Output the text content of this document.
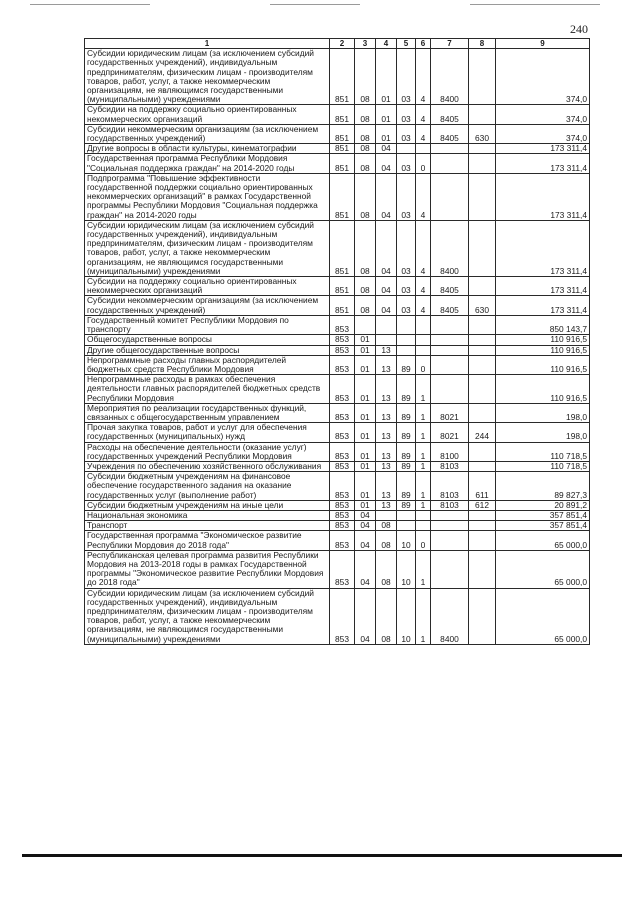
240
1	2	3	4	5	6	7	8	9
Субсидии юридическим лицам (за исключением субсидий государственных учреждений), индивидуальным предпринимателям, физическим лицам - производителям товаров, работ, услуг, а также некоммерческим организациям, не являющимся государственными (муниципальными) учреждениями	851	08	01	03	4	8400		374,0
Субсидии на поддержку социально ориентированных некоммерческих организаций	851	08	01	03	4	8405		374,0
Субсидии некоммерческим организациям (за исключением государственных учреждений)	851	08	01	03	4	8405	630	374,0
Другие вопросы в области культуры, кинематографии	851	08	04					173 311,4
Государственная программа Республики Мордовия "Социальная поддержка граждан" на 2014-2020 годы	851	08	04	03	0			173 311,4
Подпрограмма "Повышение эффективности государственной поддержки социально ориентированных некоммерческих организаций" в рамках Государственной программы Республики Мордовия "Социальная поддержка граждан" на 2014-2020 годы	851	08	04	03	4			173 311,4
Субсидии юридическим лицам (за исключением субсидий государственных учреждений), индивидуальным предпринимателям, физическим лицам - производителям товаров, работ, услуг, а также некоммерческим организациям, не являющимся государственными (муниципальными) учреждениями	851	08	04	03	4	8400		173 311,4
Субсидии на поддержку социально ориентированных некоммерческих организаций	851	08	04	03	4	8405		173 311,4
Субсидии некоммерческим организациям (за исключением государственных учреждений)	851	08	04	03	4	8405	630	173 311,4
Государственный комитет Республики Мордовия по транспорту	853							850 143,7
Общегосударственные вопросы	853	01						110 916,5
Другие общегосударственные вопросы	853	01	13					110 916,5
Непрограммные расходы главных распорядителей бюджетных средств Республики Мордовия	853	01	13	89	0			110 916,5
Непрограммные расходы в рамках обеспечения деятельности главных распорядителей бюджетных средств Республики Мордовия	853	01	13	89	1			110 916,5
Мероприятия по реализации государственных функций, связанных с общегосударственным управлением	853	01	13	89	1	8021		198,0
Прочая закупка товаров, работ и услуг для обеспечения государственных (муниципальных) нужд	853	01	13	89	1	8021	244	198,0
Расходы на обеспечение деятельности (оказание услуг) государственных учреждений Республики Мордовия	853	01	13	89	1	8100		110 718,5
Учреждения по обеспечению хозяйственного обслуживания	853	01	13	89	1	8103		110 718,5
Субсидии бюджетным учреждениям на финансовое обеспечение государственного задания на оказание государственных услуг (выполнение работ)	853	01	13	89	1	8103	611	89 827,3
Субсидии бюджетным учреждениям на иные цели	853	01	13	89	1	8103	612	20 891,2
Национальная экономика	853	04						357 851,4
Транспорт	853	04	08					357 851,4
Государственная программа "Экономическое развитие Республики Мордовия до 2018 года"	853	04	08	10	0			65 000,0
Республиканская целевая программа развития Республики Мордовия на 2013-2018 годы в рамках Государственной программы "Экономическое развитие Республики Мордовия до 2018 года"	853	04	08	10	1			65 000,0
Субсидии юридическим лицам (за исключением субсидий государственных учреждений), индивидуальным предпринимателям, физическим лицам - производителям товаров, работ, услуг, а также некоммерческим организациям, не являющимся государственными (муниципальными) учреждениями	853	04	08	10	1	8400		65 000,0
